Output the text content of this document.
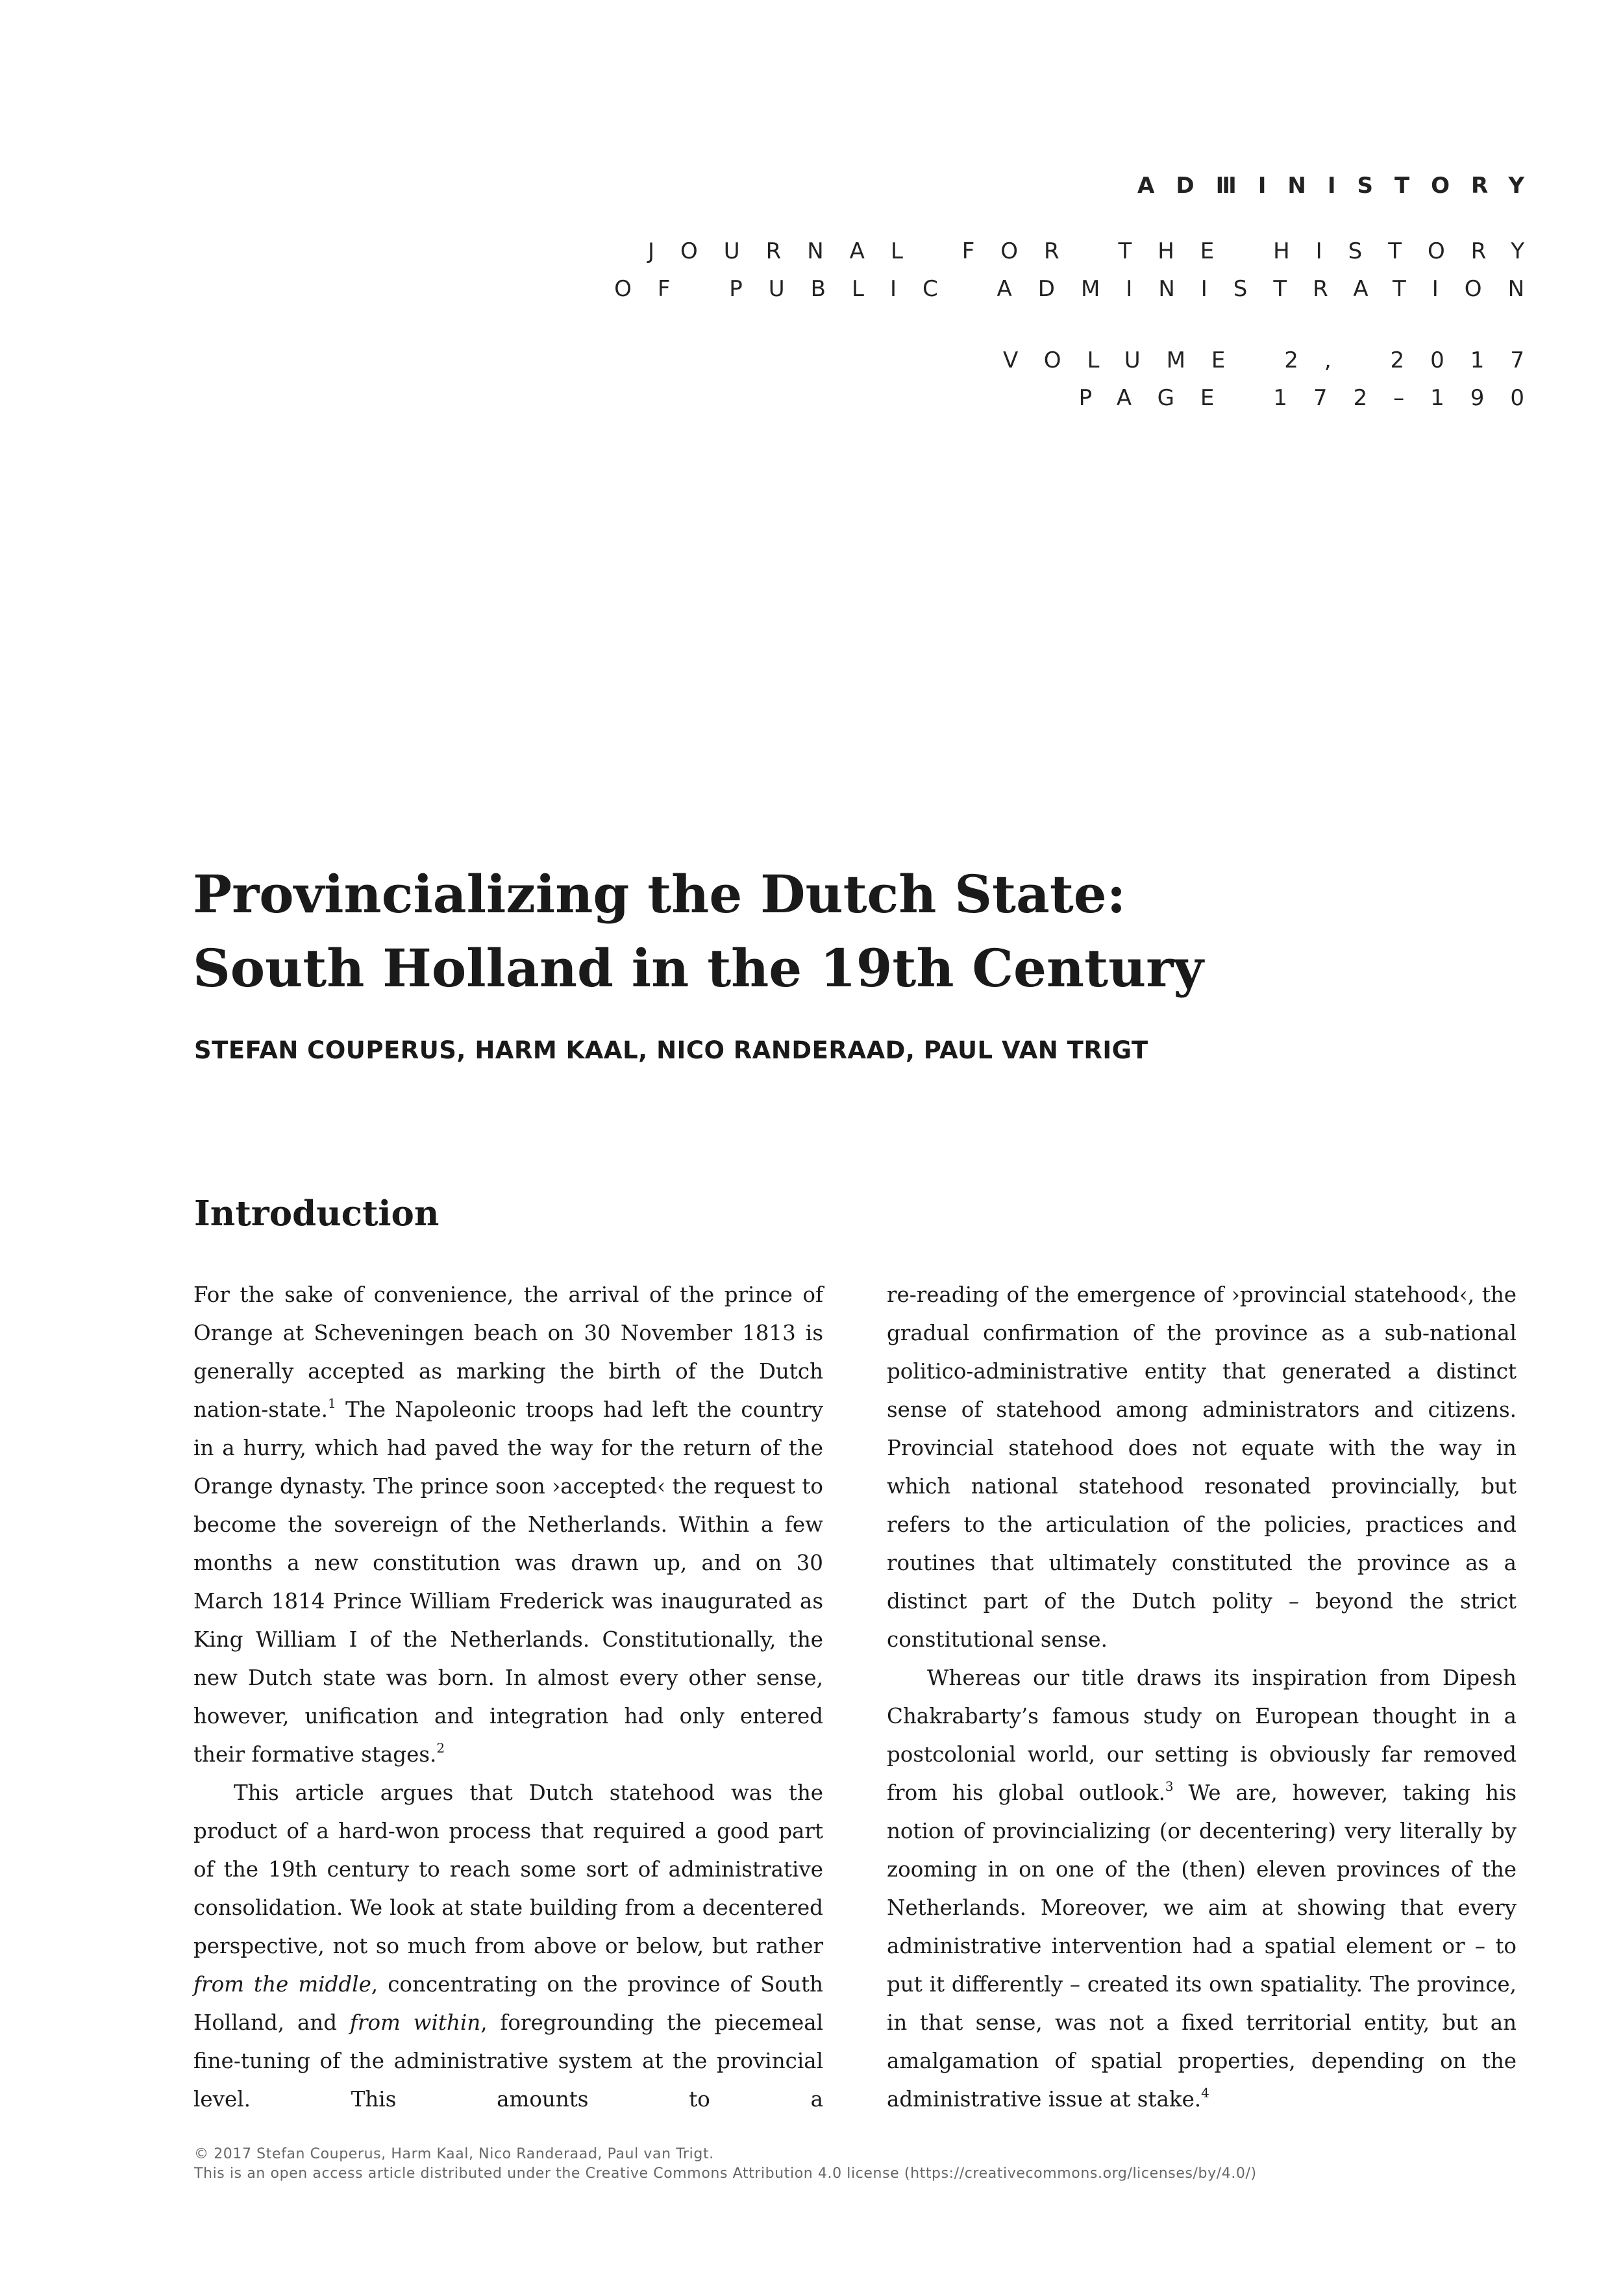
ADⅢINISTORY
JOURNAL FOR THE HISTORY
OF PUBLIC ADMINISTRATION
VOLUME 2, 2017
PAGE 172–190
Provincializing the Dutch State:
South Holland in the 19th Century
STEFAN COUPERUS, HARM KAAL, NICO RANDERAAD, PAUL VAN TRIGT
Introduction

For the sake of convenience, the arrival of the prince of Orange at Scheveningen beach on 30 November 1813 is generally accepted as marking the birth of the Dutch nation-state.$^1$ The Napoleonic troops had left the country in a hurry, which had paved the way for the return of the Orange dynasty. The prince soon ›accepted‹ the request to become the sovereign of the Netherlands. Within a few months a new constitution was drawn up, and on 30 March 1814 Prince William Frederick was inaugurated as King William I of the Netherlands. Constitutionally, the new Dutch state was born. In almost every other sense, however, unification and integration had only entered their formative stages.$^2$

This article argues that Dutch statehood was the product of a hard-won process that required a good part of the 19th century to reach some sort of administrative consolidation. We look at state building from a decentered perspective, not so much from above or below, but rather from the middle, concentrating on the province of South Holland, and from within, foregrounding the piecemeal fine-tuning of the administrative system at the provincial level. This amounts to a

re-reading of the emergence of ›provincial statehood‹, the gradual confirmation of the province as a sub-national politico-administrative entity that generated a distinct sense of statehood among administrators and citizens. Provincial statehood does not equate with the way in which national statehood resonated provincially, but refers to the articulation of the policies, practices and routines that ultimately constituted the province as a distinct part of the Dutch polity – beyond the strict constitutional sense.

Whereas our title draws its inspiration from Dipesh Chakrabarty’s famous study on European thought in a postcolonial world, our setting is obviously far removed from his global outlook.$^3$ We are, however, taking his notion of provincializing (or decentering) very literally by zooming in on one of the (then) eleven provinces of the Netherlands. Moreover, we aim at showing that every administrative intervention had a spatial element or – to put it differently – created its own spatiality. The province, in that sense, was not a fixed territorial entity, but an amalgamation of spatial properties, depending on the administrative issue at stake.$^4$

© 2017 Stefan Couperus, Harm Kaal, Nico Randeraad, Paul van Trigt.
This is an open access article distributed under the Creative Commons Attribution 4.0 license (https://creativecommons.org/licenses/by/4.0/)
